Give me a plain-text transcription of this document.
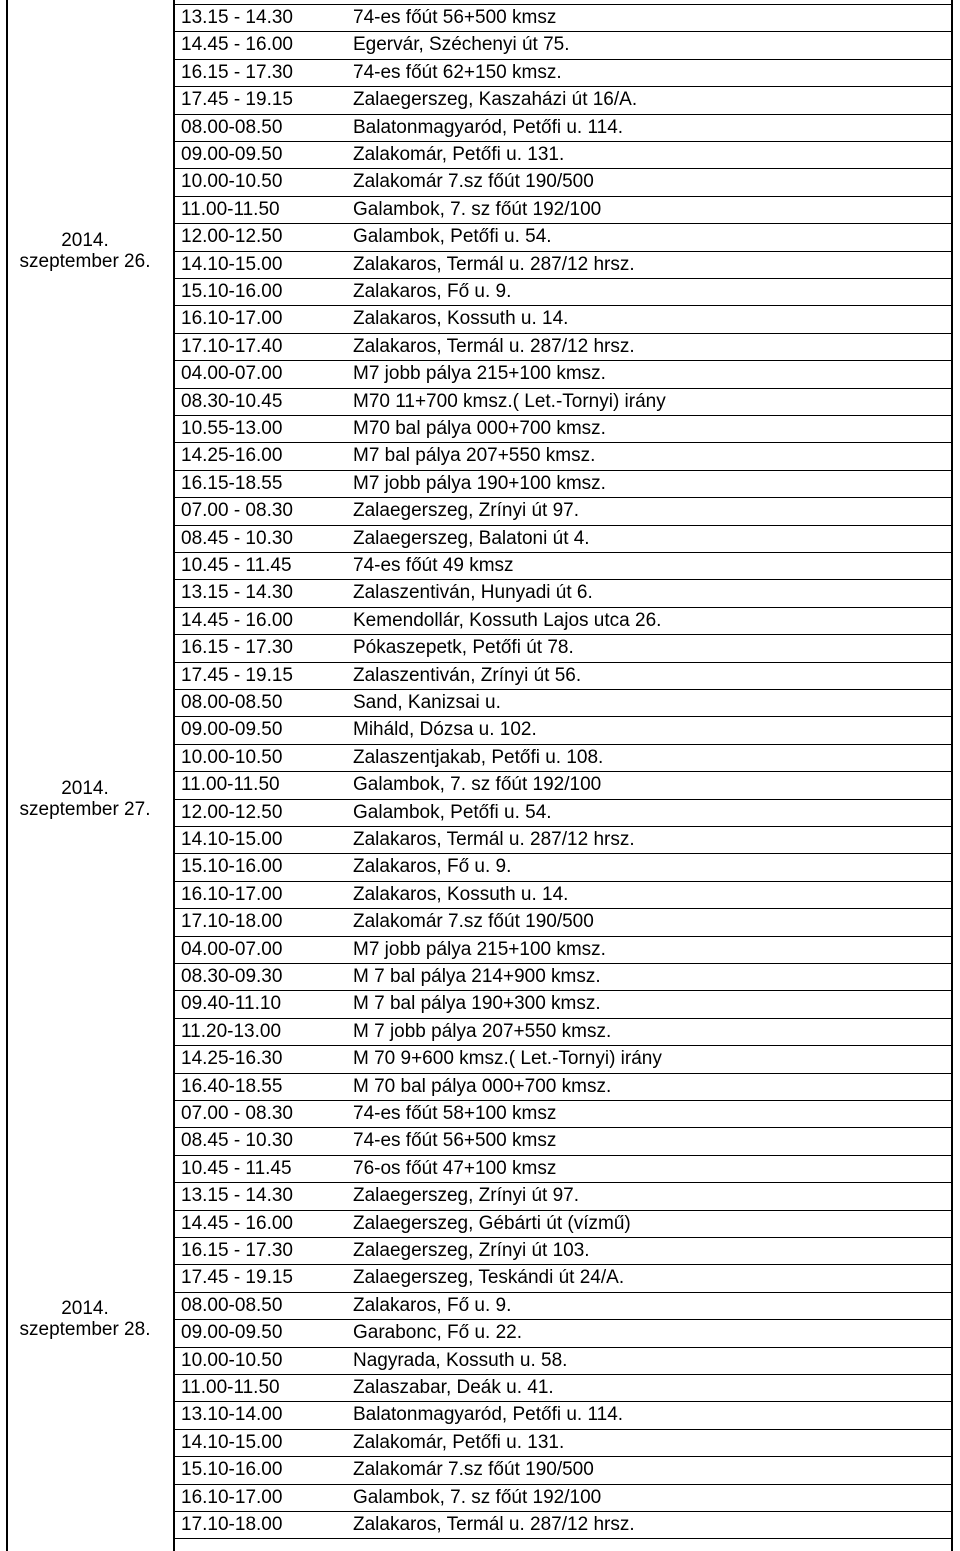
13.15 - 14.30	74-es főút 56+500 kmsz
14.45 - 16.00	Egervár, Széchenyi út 75.
16.15 - 17.30	74-es főút 62+150 kmsz.
17.45 - 19.15	Zalaegerszeg, Kaszaházi út 16/A.
08.00-08.50	Balatonmagyaród, Petőfi u. 114.
09.00-09.50	Zalakomár, Petőfi u. 131.
10.00-10.50	Zalakomár 7.sz főút 190/500
11.00-11.50	Galambok, 7. sz főút 192/100
12.00-12.50	Galambok, Petőfi u. 54.
14.10-15.00	Zalakaros, Termál u. 287/12 hrsz.
15.10-16.00	Zalakaros, Fő u. 9.
16.10-17.00	Zalakaros, Kossuth u. 14.
17.10-17.40	Zalakaros, Termál u. 287/12 hrsz.
04.00-07.00	M7 jobb pálya 215+100 kmsz.
08.30-10.45	M70 11+700 kmsz.( Let.-Tornyi) irány
10.55-13.00	M70 bal pálya 000+700 kmsz.
14.25-16.00	M7 bal pálya 207+550 kmsz.
16.15-18.55	M7 jobb pálya 190+100 kmsz.
2014.
szeptember 26.
07.00 - 08.30	Zalaegerszeg, Zrínyi út 97.
08.45 - 10.30	Zalaegerszeg, Balatoni út 4.
10.45 - 11.45	74-es főút 49 kmsz
13.15 - 14.30	Zalaszentiván, Hunyadi út 6.
14.45 - 16.00	Kemendollár, Kossuth Lajos utca 26.
16.15 - 17.30	Pókaszepetk, Petőfi út 78.
17.45 - 19.15	Zalaszentiván, Zrínyi út 56.
08.00-08.50	Sand, Kanizsai u.
09.00-09.50	Miháld, Dózsa u. 102.
10.00-10.50	Zalaszentjakab, Petőfi u. 108.
11.00-11.50	Galambok, 7. sz főút 192/100
12.00-12.50	Galambok, Petőfi u. 54.
14.10-15.00	Zalakaros, Termál u. 287/12 hrsz.
15.10-16.00	Zalakaros, Fő u. 9.
16.10-17.00	Zalakaros, Kossuth u. 14.
17.10-18.00	Zalakomár 7.sz főút 190/500
04.00-07.00	M7 jobb pálya 215+100 kmsz.
08.30-09.30	M 7 bal pálya 214+900 kmsz.
09.40-11.10	M 7 bal pálya 190+300 kmsz.
11.20-13.00	M 7 jobb pálya 207+550 kmsz.
14.25-16.30	M 70 9+600 kmsz.( Let.-Tornyi) irány
16.40-18.55	M 70 bal pálya 000+700 kmsz.
2014.
szeptember 27.
07.00 - 08.30	74-es főút 58+100 kmsz
08.45 - 10.30	74-es főút 56+500 kmsz
10.45 - 11.45	76-os főút 47+100 kmsz
13.15 - 14.30	Zalaegerszeg, Zrínyi út 97.
14.45 - 16.00	Zalaegerszeg, Gébárti út (vízmű)
16.15 - 17.30	Zalaegerszeg, Zrínyi út 103.
17.45 - 19.15	Zalaegerszeg, Teskándi út 24/A.
08.00-08.50	Zalakaros, Fő u. 9.
09.00-09.50	Garabonc, Fő u. 22.
10.00-10.50	Nagyrada, Kossuth u. 58.
11.00-11.50	Zalaszabar, Deák u. 41.
13.10-14.00	Balatonmagyaród, Petőfi u. 114.
14.10-15.00	Zalakomár, Petőfi u. 131.
15.10-16.00	Zalakomár 7.sz főút 190/500
16.10-17.00	Galambok, 7. sz főút 192/100
17.10-18.00	Zalakaros, Termál u. 287/12 hrsz.
2014.
szeptember 28.
